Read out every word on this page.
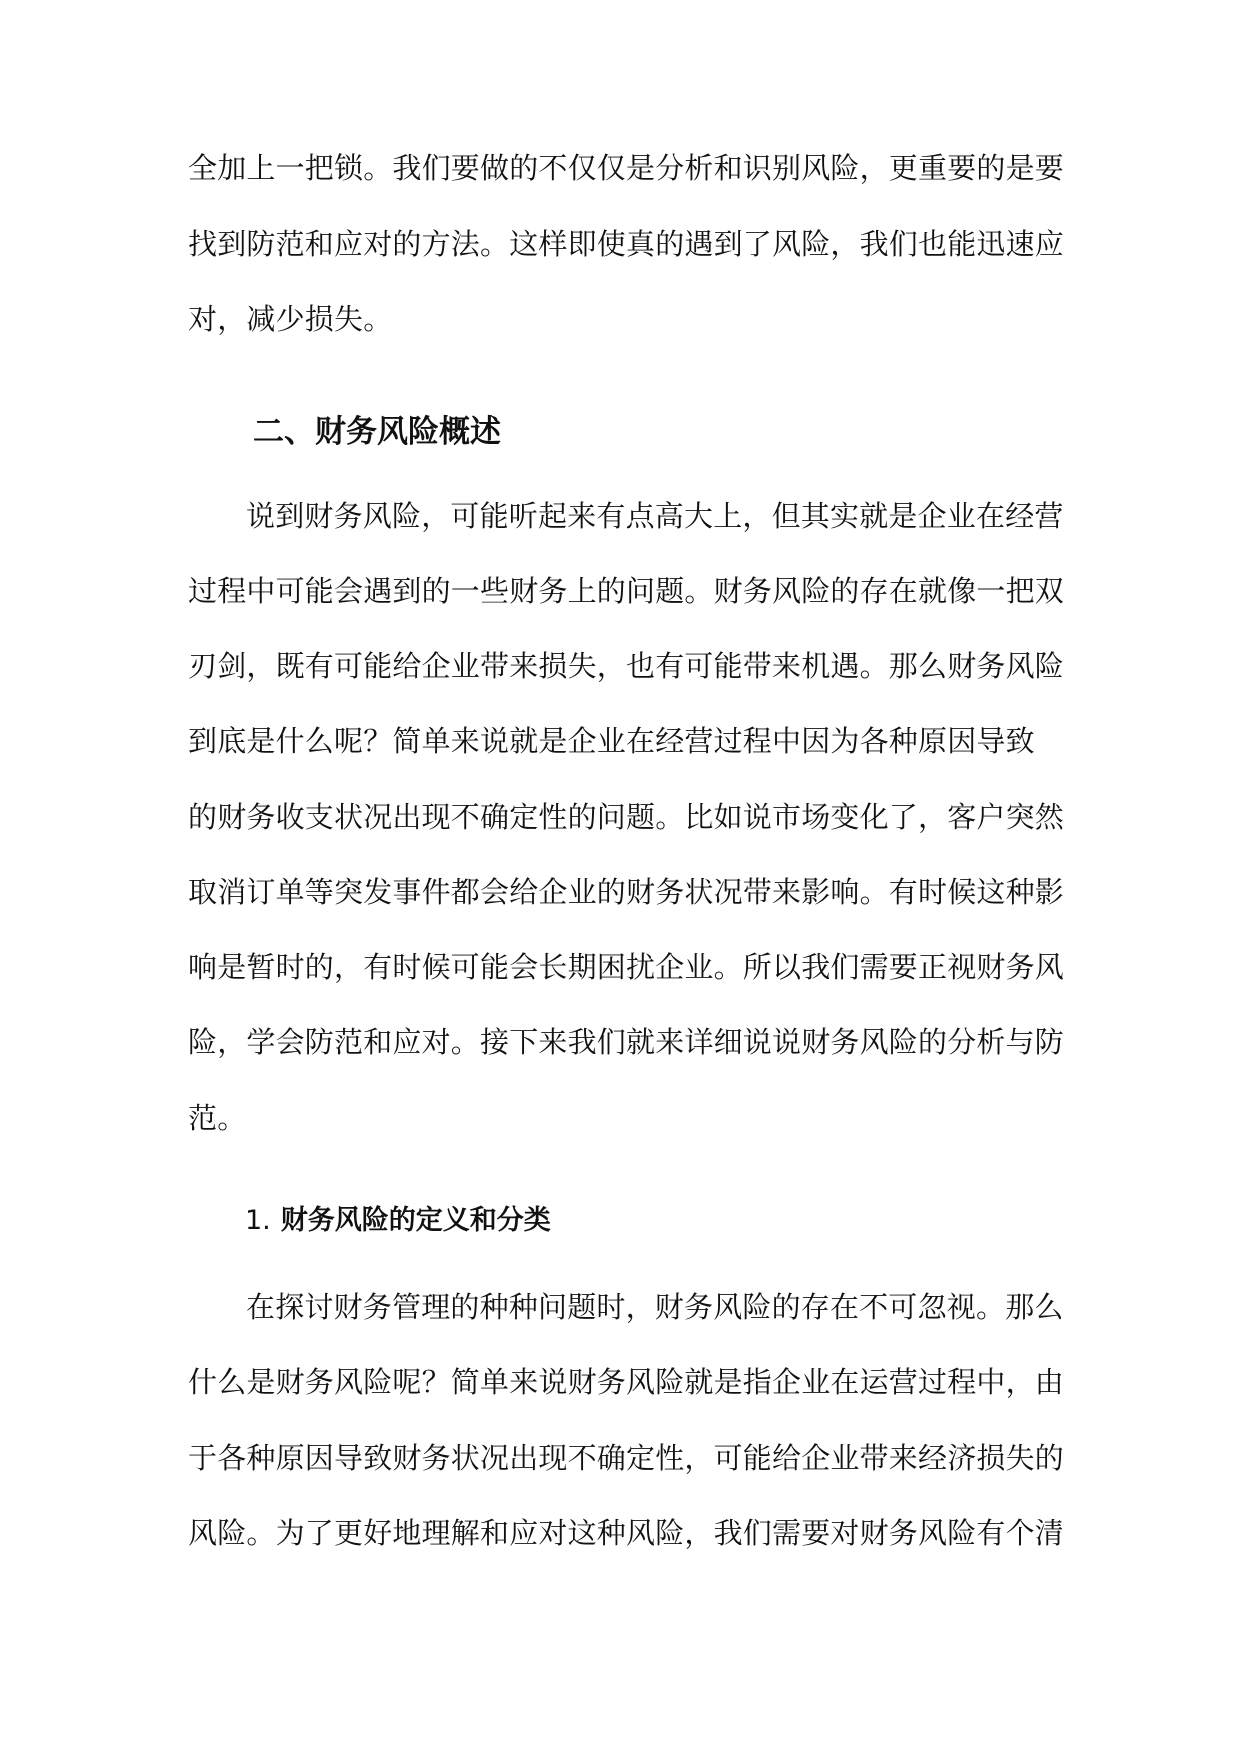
全加上一把锁。我们要做的不仅仅是分析和识别风险，更重要的是要
找到防范和应对的方法。这样即使真的遇到了风险，我们也能迅速应
对，减少损失。
二、财务风险概述
说到财务风险，可能听起来有点高大上，但其实就是企业在经营
过程中可能会遇到的一些财务上的问题。财务风险的存在就像一把双
刃剑，既有可能给企业带来损失，也有可能带来机遇。那么财务风险
到底是什么呢？简单来说就是企业在经营过程中因为各种原因导致
的财务收支状况出现不确定性的问题。比如说市场变化了，客户突然
取消订单等突发事件都会给企业的财务状况带来影响。有时候这种影
响是暂时的，有时候可能会长期困扰企业。所以我们需要正视财务风
险，学会防范和应对。接下来我们就来详细说说财务风险的分析与防
范。
1. 财务风险的定义和分类
在探讨财务管理的种种问题时，财务风险的存在不可忽视。那么
什么是财务风险呢？简单来说财务风险就是指企业在运营过程中，由
于各种原因导致财务状况出现不确定性，可能给企业带来经济损失的
风险。为了更好地理解和应对这种风险，我们需要对财务风险有个清
